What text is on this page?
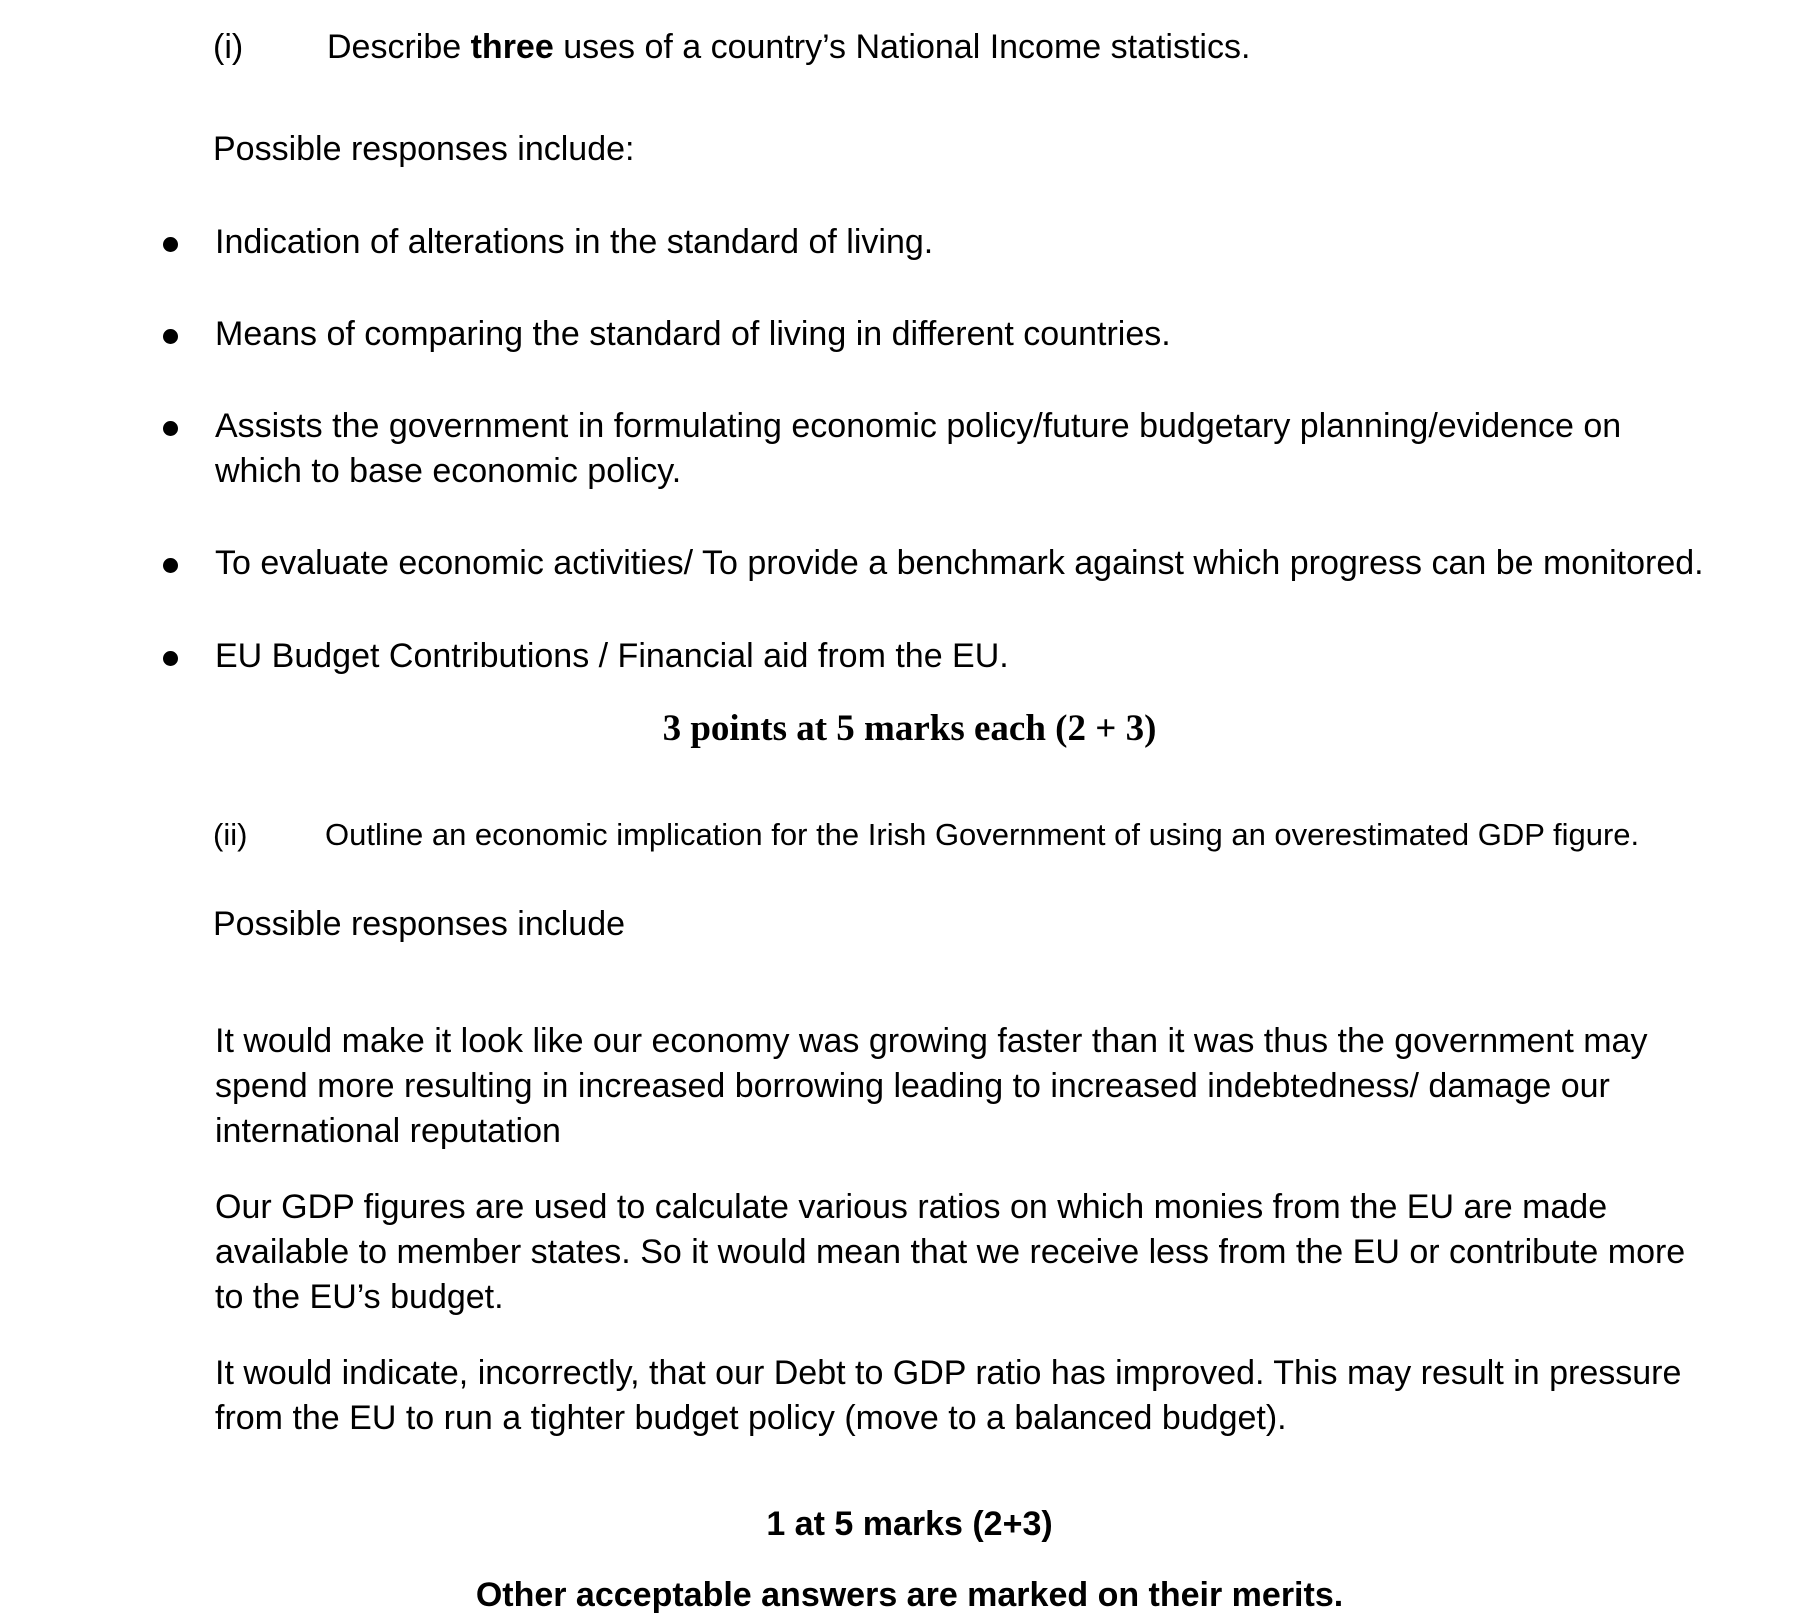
(i) Describe three uses of a country’s National Income statistics.
Possible responses include:
Indication of alterations in the standard of living.
Means of comparing the standard of living in different countries.
Assists the government in formulating economic policy/future budgetary planning/evidence on
which to base economic policy.
To evaluate economic activities/ To provide a benchmark against which progress can be monitored.
EU Budget Contributions / Financial aid from the EU.
3 points at 5 marks each (2 + 3)
(ii)	Outline an economic implication for the Irish Government of using an overestimated GDP figure.
Possible responses include
It would make it look like our economy was growing faster than it was thus the government may
spend more resulting in increased borrowing leading to increased indebtedness/ damage our
international reputation
Our GDP figures are used to calculate various ratios on which monies from the EU are made
available to member states. So it would mean that we receive less from the EU or contribute more
to the EU’s budget.
It would indicate, incorrectly, that our Debt to GDP ratio has improved. This may result in pressure
from the EU to run a tighter budget policy (move to a balanced budget).
1 at 5 marks (2+3)
Other acceptable answers are marked on their merits.
